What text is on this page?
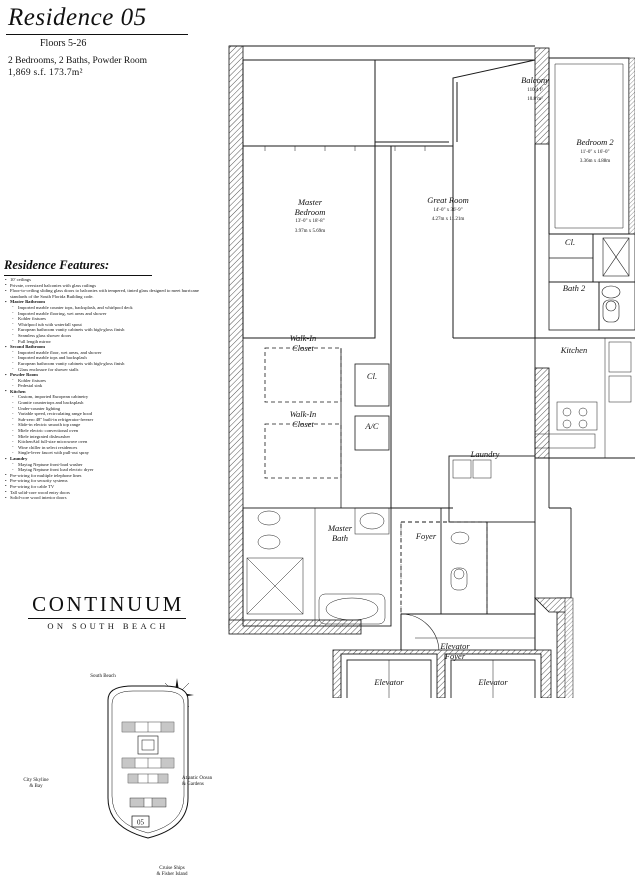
Residence 05
Floors 5-26
2 Bedrooms, 2 Baths, Powder Room
1,869 s.f. 173.7m²
Residence Features:
• 10' ceilings
• Private, oversized balconies with glass railings
• Floor-to-ceiling sliding glass doors to balconies with tempered, tinted glass designed to meet hurricane standards of the South Florida Building code.
• Master Bathroom
- Imported marble counter tops, backsplash, and whirlpool deck
- Imported marble flooring, wet areas and shower
- Kohler fixtures
- Whirlpool tub with waterfall spout
- European bathroom vanity cabinets with high-gloss finish
- Seamless glass shower doors
- Full length mirror
• Second Bathroom
- Imported marble floor, wet areas, and shower
- Imported marble tops and backsplash
- European bathroom vanity cabinets with high-gloss finish
- Glass enclosure for shower stalls
• Powder Room
- Kohler fixtures
- Pedestal sink
• Kitchen
- Custom, imported European cabinetry
- Granite countertops and backsplash
- Under-counter lighting
- Variable speed, recirculating range hood
- Sub-zero 48" built-in refrigerator-freezer
- Slide-in electric smooth top range
- Miele electric convectional oven
- Miele integrated dishwasher
- KitchenAid full-size microwave oven
- Wine chiller in select residences
- Single-lever faucet with pull-out spray
• Laundry
- Maytag Neptune front-load washer
- Maytag Neptune front load electric dryer
• Pre-wiring for multiple telephone lines
• Pre-wiring for security systems
• Pre-wiring for cable TV
• Tall solid-core wood entry doors
• Solid-core wood interior doors
CONTINUUM
ON SOUTH BEACH
05
South Beach
City Skyline
& Bay
Atlantic Ocean
& Gardens
Cruise Ships
& Fisher Island
Balcony
110.4 f²
10.8 m²
Bedroom 2
11'-0" x 16'-0"
3.36m x 4.88m
Master
Bedroom
13'-0" x 18'-8"
3.97m x 5.69m
Great Room
14'-0" x 36'-9"
4.27m x 11.21m
Walk-In
Closet
Walk-In
Closet
Cl.
A/C
Cl.
Bath 2
Kitchen
Laundry
Master
Bath	Foyer
Elevator
Foyer
Elevator	Elevator
